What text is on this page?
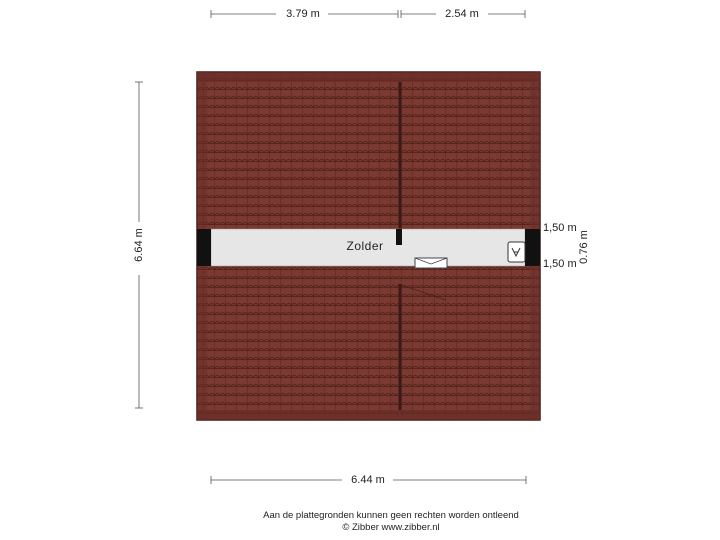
Zolder
3.79 m	2.54 m
6.64 m
6.44 m
1,50 m
1,50 m
0.76 m
Aan de plattegronden kunnen geen rechten worden ontleend
© Zibber www.zibber.nl
